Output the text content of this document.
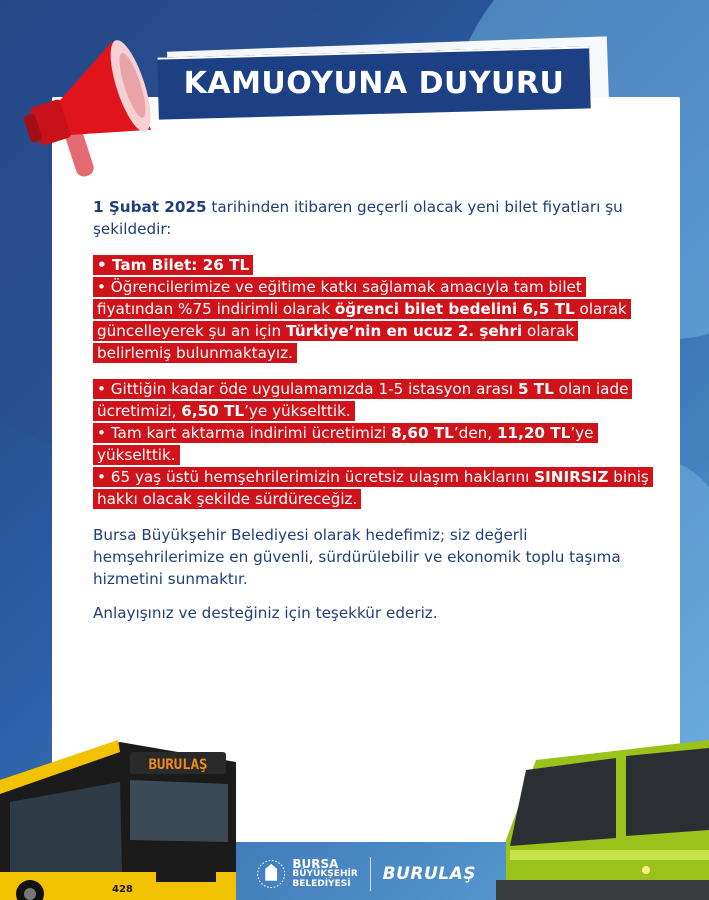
KAMUOYUNA DUYURU

1 Şubat 2025 tarihinden itibaren geçerli olacak yeni bilet fiyatları şu şekildedir:

• Tam Bilet: 26 TL
• Öğrencilerimize ve eğitime katkı sağlamak amacıyla tam bilet fiyatından %75 indirimli olarak öğrenci bilet bedelini 6,5 TL olarak güncelleyerek şu an için Türkiye’nin en ucuz 2. şehri olarak belirlemiş bulunmaktayız.

• Gittiğin kadar öde uygulamamızda 1-5 istasyon arası 5 TL olan iade ücretimizi, 6,50 TL’ye yükselttik.
• Tam kart aktarma indirimi ücretimizi 8,60 TL’den, 11,20 TL’ye yükselttik.
• 65 yaş üstü hemşehrilerimizin ücretsiz ulaşım haklarını SINIRSIZ biniş hakkı olacak şekilde sürdüreceğiz.

Bursa Büyükşehir Belediyesi olarak hedefimiz; siz değerli hemşehrilerimize en güvenli, sürdürülebilir ve ekonomik toplu taşıma hizmetini sunmaktır.

Anlayışınız ve desteğiniz için teşekkür ederiz.

BURULAŞ
428
BURSA
BÜYÜKŞEHİR
BELEDİYESİ	BURULAŞ
